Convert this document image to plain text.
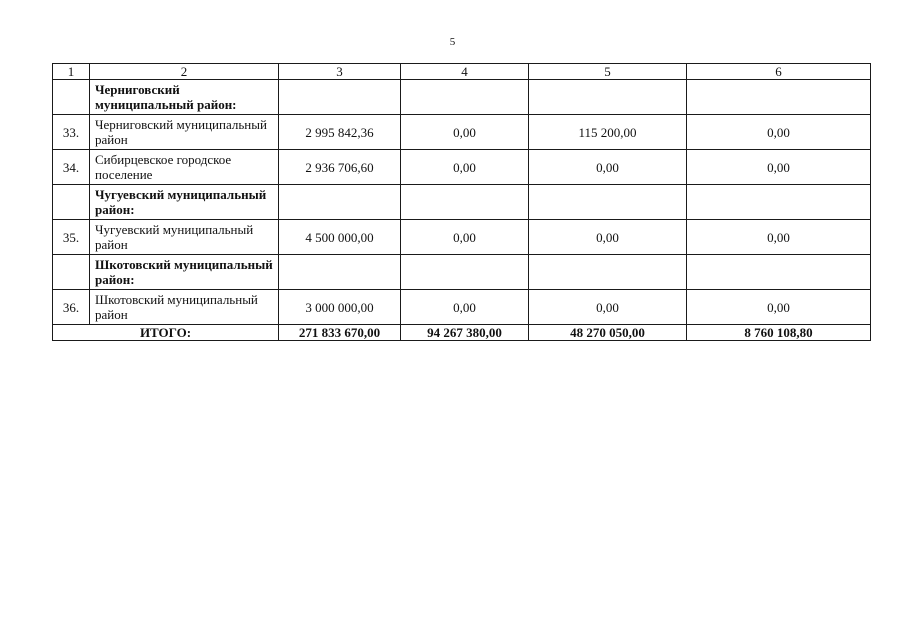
5
1	2	3	4	5	6
	Черниговский муниципальный район:				
33.	Черниговский муниципальный район	2 995 842,36	0,00	115 200,00	0,00
34.	Сибирцевское городское поселение	2 936 706,60	0,00	0,00	0,00
	Чугуевский муниципальный район:				
35.	Чугуевский муниципальный район	4 500 000,00	0,00	0,00	0,00
	Шкотовский муниципальный район:				
36.	Шкотовский муниципальный район	3 000 000,00	0,00	0,00	0,00
ИТОГО:		271 833 670,00	94 267 380,00	48 270 050,00	8 760 108,80
